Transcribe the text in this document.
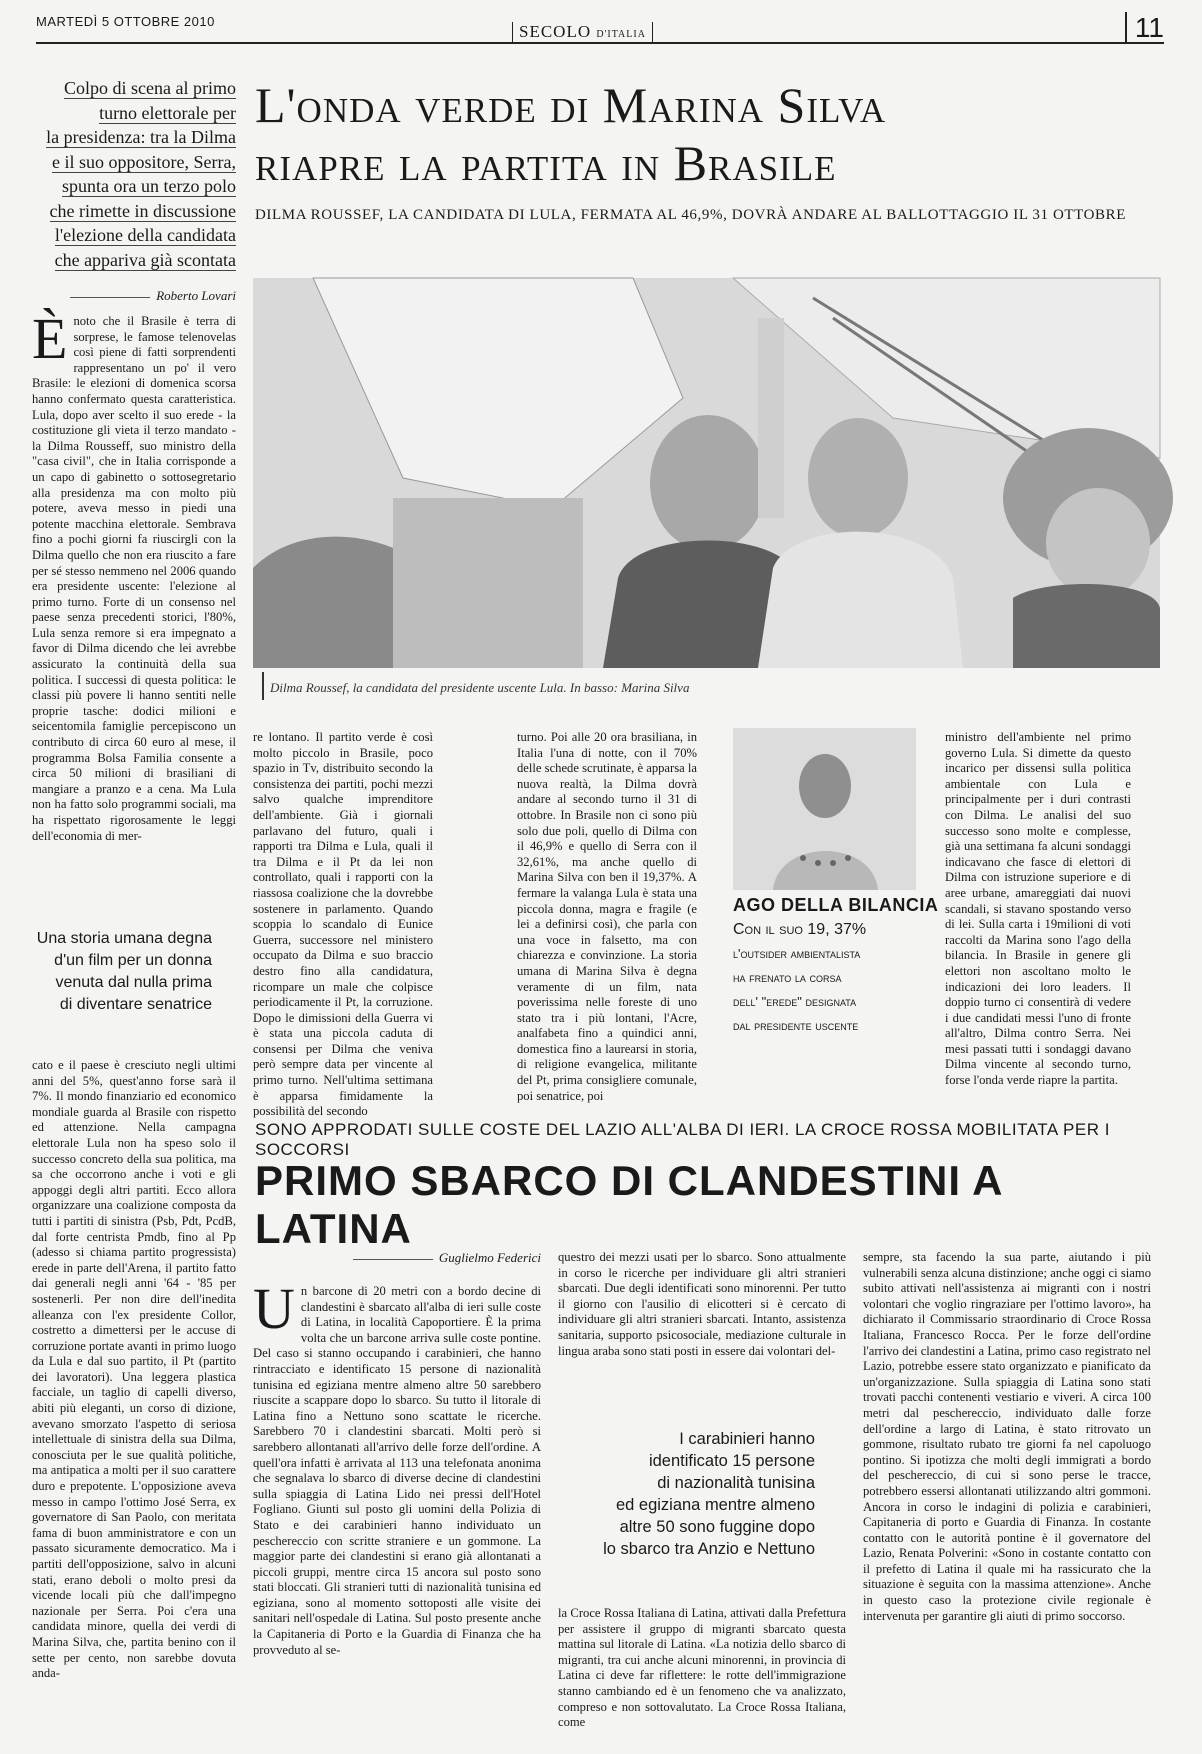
MARTEDÌ 5 OTTOBRE 2010
SECOLO D'ITALIA	11
Colpo di scena al primo
turno elettorale per
la presidenza: tra la Dilma
e il suo oppositore, Serra,
spunta ora un terzo polo
che rimette in discussione
l'elezione della candidata
che appariva già scontata
Roberto Lovari
L'onda verde di Marina Silva
riapre la partita in Brasile
DILMA ROUSSEF, LA CANDIDATA DI LULA, FERMATA AL 46,9%, DOVRÀ ANDARE AL BALLOTTAGGIO IL 31 OTTOBRE
Dilma Roussef, la candidata del presidente uscente Lula. In basso: Marina Silva
Ènoto che il Brasile è terra di sorprese, le famose telenovelas così piene di fatti sorprendenti rappresentano un po' il vero Brasile: le elezioni di domenica scorsa hanno confermato questa caratteristica. Lula, dopo aver scelto il suo erede - la costituzione gli vieta il terzo mandato - la Dilma Rousseff, suo ministro della "casa civil", che in Italia corrisponde a un capo di gabinetto o sottosegretario alla presidenza ma con molto più potere, aveva messo in piedi una potente macchina elettorale. Sembrava fino a pochi giorni fa riuscirgli con la Dilma quello che non era riuscito a fare per sé stesso nemmeno nel 2006 quando era presidente uscente: l'elezione al primo turno. Forte di un consenso nel paese senza precedenti storici, l'80%, Lula senza remore si era impegnato a favor di Dilma dicendo che lei avrebbe assicurato la continuità della sua politica. I successi di questa politica: le classi più povere li hanno sentiti nelle proprie tasche: dodici milioni e seicentomila famiglie percepiscono un contributo di circa 60 euro al mese, il programma Bolsa Familia consente a circa 50 milioni di brasiliani di mangiare a pranzo e a cena. Ma Lula non ha fatto solo programmi sociali, ma ha rispettato rigorosamente le leggi dell'economia di mer-
Una storia umana degna
d'un film per un donna
venuta dal nulla prima
di diventare senatrice
cato e il paese è cresciuto negli ultimi anni del 5%, quest'anno forse sarà il 7%. Il mondo finanziario ed economico mondiale guarda al Brasile con rispetto ed attenzione. Nella campagna elettorale Lula non ha speso solo il successo concreto della sua politica, ma sa che occorrono anche i voti e gli appoggi degli altri partiti. Ecco allora organizzare una coalizione composta da tutti i partiti di sinistra (Psb, Pdt, PcdB, dal forte centrista Pmdb, fino al Pp (adesso si chiama partito progressista) erede in parte dell'Arena, il partito fatto dai generali negli anni '64 - '85 per sostenerli. Per non dire dell'inedita alleanza con l'ex presidente Collor, costretto a dimettersi per le accuse di corruzione portate avanti in primo luogo da Lula e dal suo partito, il Pt (partito dei lavoratori). Una leggera plastica facciale, un taglio di capelli diverso, abiti più eleganti, un corso di dizione, avevano smorzato l'aspetto di seriosa intellettuale di sinistra della sua Dilma, conosciuta per le sue qualità politiche, ma antipatica a molti per il suo carattere duro e prepotente. L'opposizione aveva messo in campo l'ottimo José Serra, ex governatore di San Paolo, con meritata fama di buon amministratore e con un passato sicuramente democratico. Ma i partiti dell'opposizione, salvo in alcuni stati, erano deboli o molto presi da vicende locali più che dall'impegno nazionale per Serra. Poi c'era una candidata minore, quella dei verdi di Marina Silva, che, partita benino con il sette per cento, non sarebbe dovuta anda-
re lontano. Il partito verde è così molto piccolo in Brasile, poco spazio in Tv, distribuito secondo la consistenza dei partiti, pochi mezzi salvo qualche imprenditore dell'ambiente. Già i giornali parlavano del futuro, quali i rapporti tra Dilma e Lula, quali il tra Dilma e il Pt da lei non controllato, quali i rapporti con la riassosa coalizione che la dovrebbe sostenere in parlamento. Quando scoppia lo scandalo di Eunice Guerra, successore nel ministero occupato da Dilma e suo braccio destro fino alla candidatura, ricompare un male che colpisce periodicamente il Pt, la corruzione. Dopo le dimissioni della Guerra vi è stata una piccola caduta di consensi per Dilma che veniva però sempre data per vincente al primo turno. Nell'ultima settimana è apparsa fimidamente la possibilità del secondo
turno. Poi alle 20 ora brasiliana, in Italia l'una di notte, con il 70% delle schede scrutinate, è apparsa la nuova realtà, la Dilma dovrà andare al secondo turno il 31 di ottobre. In Brasile non ci sono più solo due poli, quello di Dilma con il 46,9% e quello di Serra con il 32,61%, ma anche quello di Marina Silva con ben il 19,37%. A fermare la valanga Lula è stata una piccola donna, magra e fragile (e lei a definirsi così), che parla con una voce in falsetto, ma con chiarezza e convinzione. La storia umana di Marina Silva è degna veramente di un film, nata poverissima nelle foreste di uno stato tra i più lontani, l'Acre, analfabeta fino a quindici anni, domestica fino a laurearsi in storia, di religione evangelica, militante del Pt, prima consigliere comunale, poi senatrice, poi
AGO DELLA BILANCIA
Con il suo 19, 37%
l'outsider ambientalista
ha frenato la corsa
dell' "erede" designata
dal presidente uscente
ministro dell'ambiente nel primo governo Lula. Si dimette da questo incarico per dissensi sulla politica ambientale con Lula e principalmente per i duri contrasti con Dilma. Le analisi del suo successo sono molte e complesse, già una settimana fa alcuni sondaggi indicavano che fasce di elettori di Dilma con istruzione superiore e di aree urbane, amareggiati dai nuovi scandali, si stavano spostando verso di lei. Sulla carta i 19milioni di voti raccolti da Marina sono l'ago della bilancia. In Brasile in genere gli elettori non ascoltano molto le indicazioni dei loro leaders. Il doppio turno ci consentirà di vedere i due candidati messi l'uno di fronte all'altro, Dilma contro Serra. Nei mesi passati tutti i sondaggi davano Dilma vincente al secondo turno, forse l'onda verde riapre la partita.
SONO APPRODATI SULLE COSTE DEL LAZIO ALL'ALBA DI IERI. LA CROCE ROSSA MOBILITATA PER I SOCCORSI
PRIMO SBARCO DI CLANDESTINI A LATINA
Guglielmo Federici
Un barcone di 20 metri con a bordo decine di clandestini è sbarcato all'alba di ieri sulle coste di Latina, in località Capoportiere. È la prima volta che un barcone arriva sulle coste pontine. Del caso si stanno occupando i carabinieri, che hanno rintracciato e identificato 15 persone di nazionalità tunisina ed egiziana mentre almeno altre 50 sarebbero riuscite a scappare dopo lo sbarco. Su tutto il litorale di Latina fino a Nettuno sono scattate le ricerche. Sarebbero 70 i clandestini sbarcati. Molti però si sarebbero allontanati all'arrivo delle forze dell'ordine. A quell'ora infatti è arrivata al 113 una telefonata anonima che segnalava lo sbarco di diverse decine di clandestini sulla spiaggia di Latina Lido nei pressi dell'Hotel Fogliano. Giunti sul posto gli uomini della Polizia di Stato e dei carabinieri hanno individuato un peschereccio con scritte straniere e un gommone. La maggior parte dei clandestini si erano già allontanati a piccoli gruppi, mentre circa 15 ancora sul posto sono stati bloccati. Gli stranieri tutti di nazionalità tunisina ed egiziana, sono al momento sottoposti alle visite dei sanitari nell'ospedale di Latina. Sul posto presente anche la Capitaneria di Porto e la Guardia di Finanza che ha provveduto al se-
questro dei mezzi usati per lo sbarco. Sono attualmente in corso le ricerche per individuare gli altri stranieri sbarcati. Due degli identificati sono minorenni. Per tutto il giorno con l'ausilio di elicotteri si è cercato di individuare gli altri stranieri sbarcati. Intanto, assistenza sanitaria, supporto psicosociale, mediazione culturale in lingua araba sono stati posti in essere dai volontari del-
I carabinieri hanno
identificato 15 persone
di nazionalità tunisina
ed egiziana mentre almeno
altre 50 sono fuggine dopo
lo sbarco tra Anzio e Nettuno
la Croce Rossa Italiana di Latina, attivati dalla Prefettura per assistere il gruppo di migranti sbarcato questa mattina sul litorale di Latina. «La notizia dello sbarco di migranti, tra cui anche alcuni minorenni, in provincia di Latina ci deve far riflettere: le rotte dell'immigrazione stanno cambiando ed è un fenomeno che va analizzato, compreso e non sottovalutato. La Croce Rossa Italiana, come
sempre, sta facendo la sua parte, aiutando i più vulnerabili senza alcuna distinzione; anche oggi ci siamo subito attivati nell'assistenza ai migranti con i nostri volontari che voglio ringraziare per l'ottimo lavoro», ha dichiarato il Commissario straordinario di Croce Rossa Italiana, Francesco Rocca. Per le forze dell'ordine l'arrivo dei clandestini a Latina, primo caso registrato nel Lazio, potrebbe essere stato organizzato e pianificato da un'organizzazione. Sulla spiaggia di Latina sono stati trovati pacchi contenenti vestiario e viveri. A circa 100 metri dal peschereccio, individuato dalle forze dell'ordine a largo di Latina, è stato ritrovato un gommone, risultato rubato tre giorni fa nel capoluogo pontino. Si ipotizza che molti degli immigrati a bordo del peschereccio, di cui si sono perse le tracce, potrebbero essersi allontanati utilizzando altri gommoni. Ancora in corso le indagini di polizia e carabinieri, Capitaneria di porto e Guardia di Finanza. In costante contatto con le autorità pontine è il governatore del Lazio, Renata Polverini: «Sono in costante contatto con il prefetto di Latina il quale mi ha rassicurato che la situazione è seguita con la massima attenzione». Anche in questo caso la protezione civile regionale è intervenuta per garantire gli aiuti di primo soccorso.
